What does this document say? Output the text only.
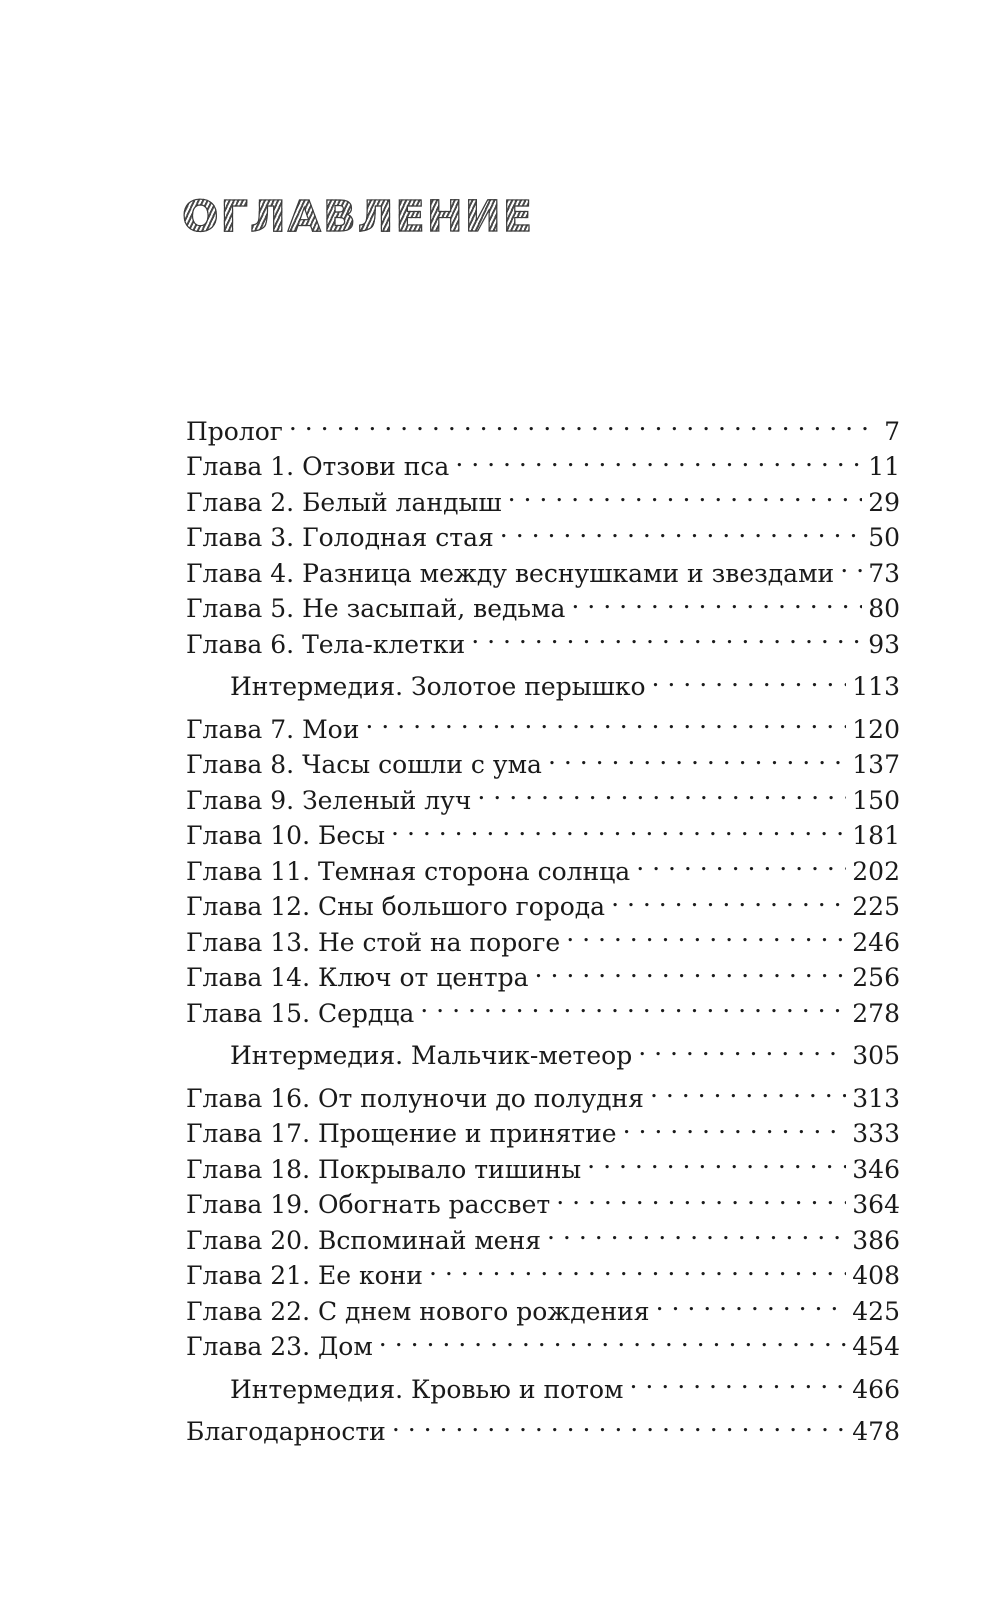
ОГЛАВЛЕНИЕ
Пролог . . .	7
Глава 1. Отзови пса . . .	11
Глава 2. Белый ландыш . . .	29
Глава 3. Голодная стая . . .	50
Глава 4. Разница между веснушками и звездами . . . 73
Глава 5. Не засыпай, ведьма . . .	80
Глава 6. Тела-клетки . . .	93
Интермедия. Золотое перышко . . .	113
Глава 7. Мои . . .	120
Глава 8. Часы сошли с ума . . .	137
Глава 9. Зеленый луч . . .	150
Глава 10. Бесы . . .	181
Глава 11. Темная сторона солнца . . .	202
Глава 12. Сны большого города . . .	225
Глава 13. Не стой на пороге . . .	246
Глава 14. Ключ от центра . . .	256
Глава 15. Сердца . . .	278
Интермедия. Мальчик-метеор . . .	305
Глава 16. От полуночи до полудня . . .	313
Глава 17. Прощение и принятие . . .	333
Глава 18. Покрывало тишины . . .	346
Глава 19. Обогнать рассвет . . .	364
Глава 20. Вспоминай меня . . .	386
Глава 21. Ее кони . . .	408
Глава 22. С днем нового рождения . . .	425
Глава 23. Дом . . .	454
Интермедия. Кровью и потом . . .	466
Благодарности . . .	478
